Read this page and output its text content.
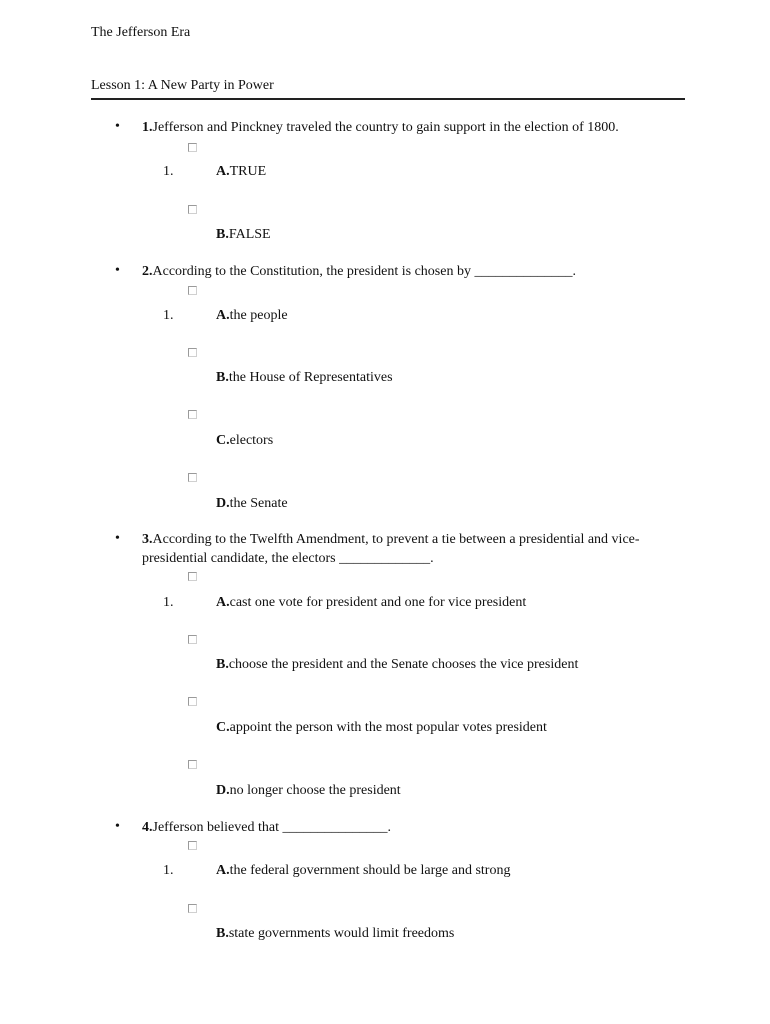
The Jefferson Era
Lesson 1: A New Party in Power
• 1.Jefferson and Pinckney traveled the country to gain support in the election of 1800.
1.	A.TRUE
B.FALSE
• 2.According to the Constitution, the president is chosen by ______________.
1.	A.the people
B.the House of Representatives
C.electors
D.the Senate
• 3.According to the Twelfth Amendment, to prevent a tie between a presidential and vice-presidential candidate, the electors _____________.
1.	A.cast one vote for president and one for vice president
B.choose the president and the Senate chooses the vice president
C.appoint the person with the most popular votes president
D.no longer choose the president
• 4.Jefferson believed that _______________.
1.	A.the federal government should be large and strong
B.state governments would limit freedoms
